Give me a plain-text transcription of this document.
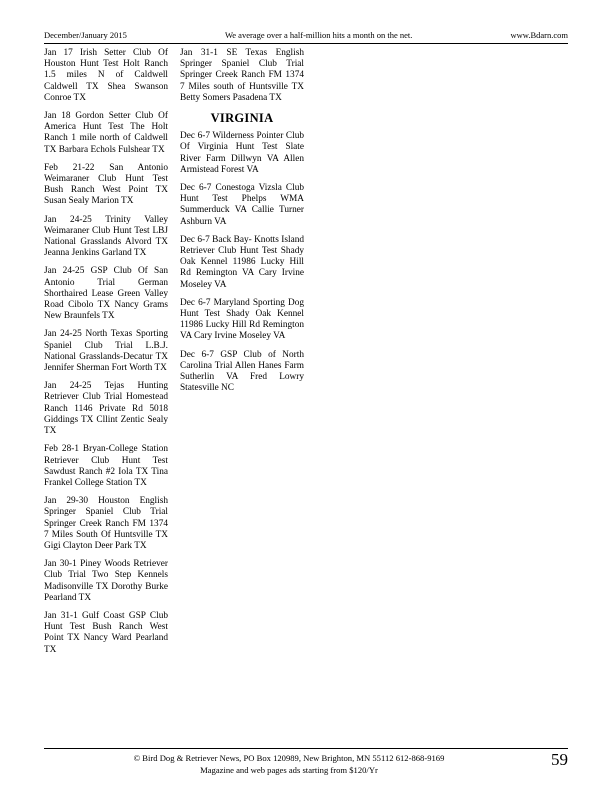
December/January 2015	We average over a half-million hits a month on the net.	www.Bdarn.com

Jan 17 Irish Setter Club Of Houston Hunt Test Holt Ranch 1.5 miles N of Caldwell Caldwell TX Shea Swanson Conroe TX

Jan 18 Gordon Setter Club Of America Hunt Test The Holt Ranch 1 mile north of Caldwell TX Barbara Echols Fulshear TX

Feb 21-22 San Antonio Weimaraner Club Hunt Test Bush Ranch West Point TX Susan Sealy Marion TX

Jan 24-25 Trinity Valley Weimaraner Club Hunt Test LBJ National Grasslands Alvord TX Jeanna Jenkins Garland TX

Jan 24-25 GSP Club Of San Antonio Trial German Shorthaired Lease Green Valley Road Cibolo TX Nancy Grams New Braunfels TX

Jan 24-25 North Texas Sporting Spaniel Club Trial L.B.J. National Grasslands-Decatur TX Jennifer Sherman Fort Worth TX

Jan 24-25 Tejas Hunting Retriever Club Trial Homestead Ranch 1146 Private Rd 5018 Giddings TX Cllint Zentic Sealy TX

Feb 28-1 Bryan-College Station Retriever Club Hunt Test Sawdust Ranch #2 Iola TX Tina Frankel College Station TX

Jan 29-30 Houston English Springer Spaniel Club Trial Springer Creek Ranch FM 1374 7 Miles South Of Huntsville TX Gigi Clayton Deer Park TX

Jan 30-1 Piney Woods Retriever Club Trial Two Step Kennels Madisonville TX Dorothy Burke Pearland TX

Jan 31-1 Gulf Coast GSP Club Hunt Test Bush Ranch West Point TX Nancy Ward Pearland TX

Jan 31-1 SE Texas English Springer Spaniel Club Trial Springer Creek Ranch FM 1374 7 Miles south of Huntsville TX Betty Somers Pasadena TX

VIRGINIA

Dec 6-7 Wilderness Pointer Club Of Virginia Hunt Test Slate River Farm Dillwyn VA Allen Armistead Forest VA

Dec 6-7 Conestoga Vizsla Club Hunt Test Phelps WMA Summerduck VA Callie Turner Ashburn VA

Dec 6-7 Back Bay- Knotts Island Retriever Club Hunt Test Shady Oak Kennel 11986 Lucky Hill Rd Remington VA Cary Irvine Moseley VA

Dec 6-7 Maryland Sporting Dog Hunt Test Shady Oak Kennel 11986 Lucky Hill Rd Remington VA Cary Irvine Moseley VA

Dec 6-7 GSP Club of North Carolina Trial Allen Hanes Farm Sutherlin VA Fred Lowry Statesville NC

© Bird Dog & Retriever News, PO Box 120989, New Brighton, MN 55112 612-868-9169
Magazine and web pages ads starting from $120/Yr
59
